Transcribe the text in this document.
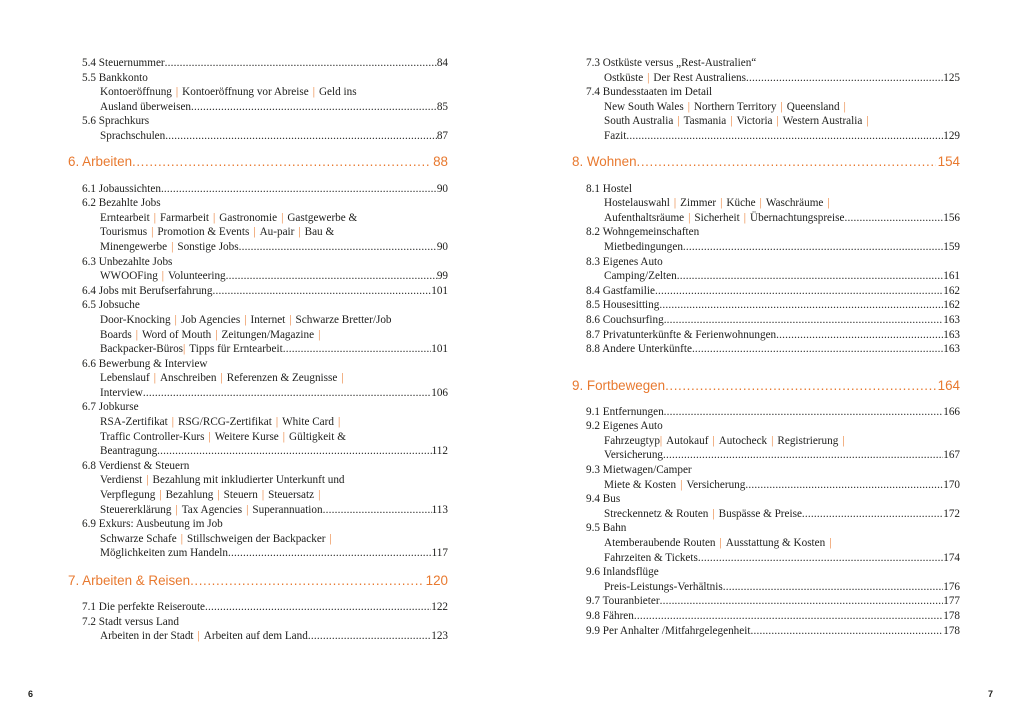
5.4 Steuernummer .....	84
5.5 Bankkonto
Kontoeröffnung | Kontoeröffnung vor Abreise | Geld ins
Ausland überweisen .....	85
5.6 Sprachkurs
Sprachschulen .....	87
6. Arbeiten .....	88
6.1 Jobaussichten .....	90
6.2 Bezahlte Jobs
Erntearbeit | Farmarbeit | Gastronomie | Gastgewerbe &
Tourismus | Promotion & Events | Au-pair | Bau &
Minengewerbe | Sonstige Jobs .....	90
6.3 Unbezahlte Jobs
WWOOFing | Volunteering .....	99
6.4 Jobs mit Berufserfahrung .....	101
6.5 Jobsuche
Door-Knocking | Job Agencies | Internet | Schwarze Bretter/Job
Boards | Word of Mouth | Zeitungen/Magazine |
Backpacker-Büros| Tipps für Erntearbeit .....	101
6.6 Bewerbung & Interview
Lebenslauf | Anschreiben | Referenzen & Zeugnisse |
Interview .....	106
6.7 Jobkurse
RSA-Zertifikat | RSG/RCG-Zertifikat | White Card |
Traffic Controller-Kurs | Weitere Kurse | Gültigkeit &
Beantragung .....	112
6.8 Verdienst & Steuern
Verdienst | Bezahlung mit inkludierter Unterkunft und
Verpflegung | Bezahlung | Steuern | Steuersatz |
Steuererklärung | Tax Agencies | Superannuation .....	113
6.9 Exkurs: Ausbeutung im Job
Schwarze Schafe | Stillschweigen der Backpacker |
Möglichkeiten zum Handeln .....	117
7. Arbeiten & Reisen .....	120
7.1 Die perfekte Reiseroute .....	122
7.2 Stadt versus Land
Arbeiten in der Stadt | Arbeiten auf dem Land .....	123
6
7.3 Ostküste versus „Rest-Australien“
Ostküste | Der Rest Australiens .....	125
7.4 Bundesstaaten im Detail
New South Wales | Northern Territory | Queensland |
South Australia | Tasmania | Victoria | Western Australia |
Fazit .....	129
8. Wohnen .....	154
8.1 Hostel
Hostelauswahl | Zimmer | Küche | Waschräume |
Aufenthaltsräume | Sicherheit | Übernachtungspreise .....	156
8.2 Wohngemeinschaften
Mietbedingungen .....	159
8.3 Eigenes Auto
Camping/Zelten .....	161
8.4 Gastfamilie .....	162
8.5 Housesitting .....	162
8.6 Couchsurfing .....	163
8.7 Privatunterkünfte & Ferienwohnungen .....	163
8.8 Andere Unterkünfte .....	163
9. Fortbewegen .....	164
9.1 Entfernungen .....	166
9.2 Eigenes Auto
Fahrzeugtyp| Autokauf | Autocheck | Registrierung |
Versicherung .....	167
9.3 Mietwagen/Camper
Miete & Kosten | Versicherung .....	170
9.4 Bus
Streckennetz & Routen | Buspässe & Preise .....	172
9.5 Bahn
Atemberaubende Routen | Ausstattung & Kosten |
Fahrzeiten & Tickets .....	174
9.6 Inlandsflüge
Preis-Leistungs-Verhältnis .....	176
9.7 Touranbieter .....	177
9.8 Fähren .....	178
9.9 Per Anhalter /Mitfahrgelegenheit .....	178
7
